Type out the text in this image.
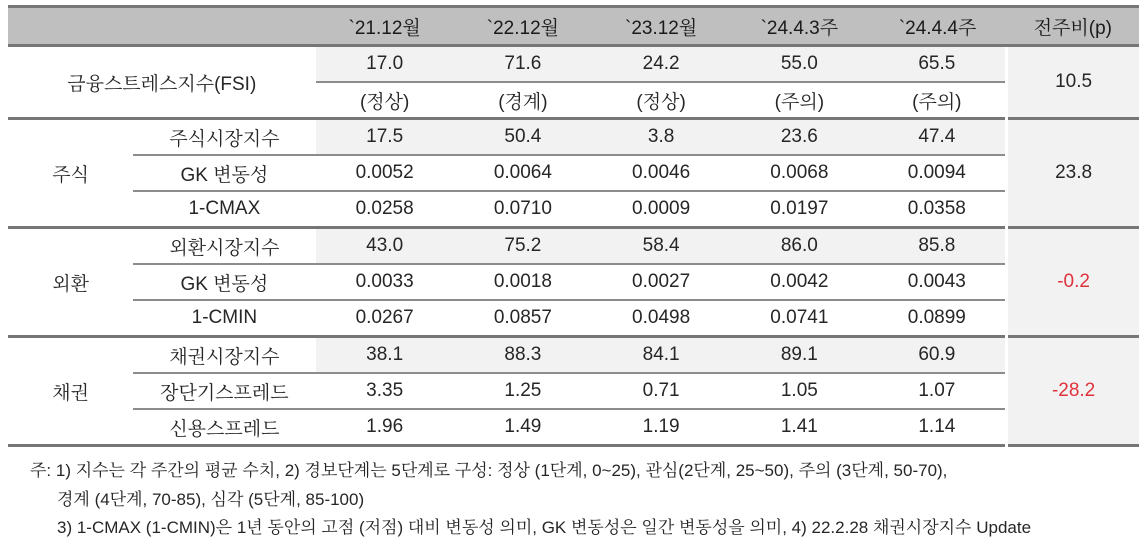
		`21.12월	`22.12월	`23.12월	`24.4.3주	`24.4.4주	전주비(p)
금융스트레스지수(FSI)		17.0	71.6	24.2	55.0	65.5	10.5
		(정상)	(경계)	(정상)	(주의)	(주의)	
주식	주식시장지수	17.5	50.4	3.8	23.6	47.4	23.8
	GK 변동성	0.0052	0.0064	0.0046	0.0068	0.0094	
	1-CMAX	0.0258	0.0710	0.0009	0.0197	0.0358	
외환	외환시장지수	43.0	75.2	58.4	86.0	85.8	-0.2
	GK 변동성	0.0033	0.0018	0.0027	0.0042	0.0043	
	1-CMIN	0.0267	0.0857	0.0498	0.0741	0.0899	
채권	채권시장지수	38.1	88.3	84.1	89.1	60.9	-28.2
	장단기스프레드	3.35	1.25	0.71	1.05	1.07	
	신용스프레드	1.96	1.49	1.19	1.41	1.14	
주: 1) 지수는 각 주간의 평균 수치, 2) 경보단계는 5단계로 구성: 정상 (1단계, 0~25), 관심(2단계, 25~50), 주의 (3단계, 50-70),
경계 (4단계, 70-85), 심각 (5단계, 85-100)
3) 1-CMAX (1-CMIN)은 1년 동안의 고점 (저점) 대비 변동성 의미, GK 변동성은 일간 변동성을 의미, 4) 22.2.28 채권시장지수 Update
